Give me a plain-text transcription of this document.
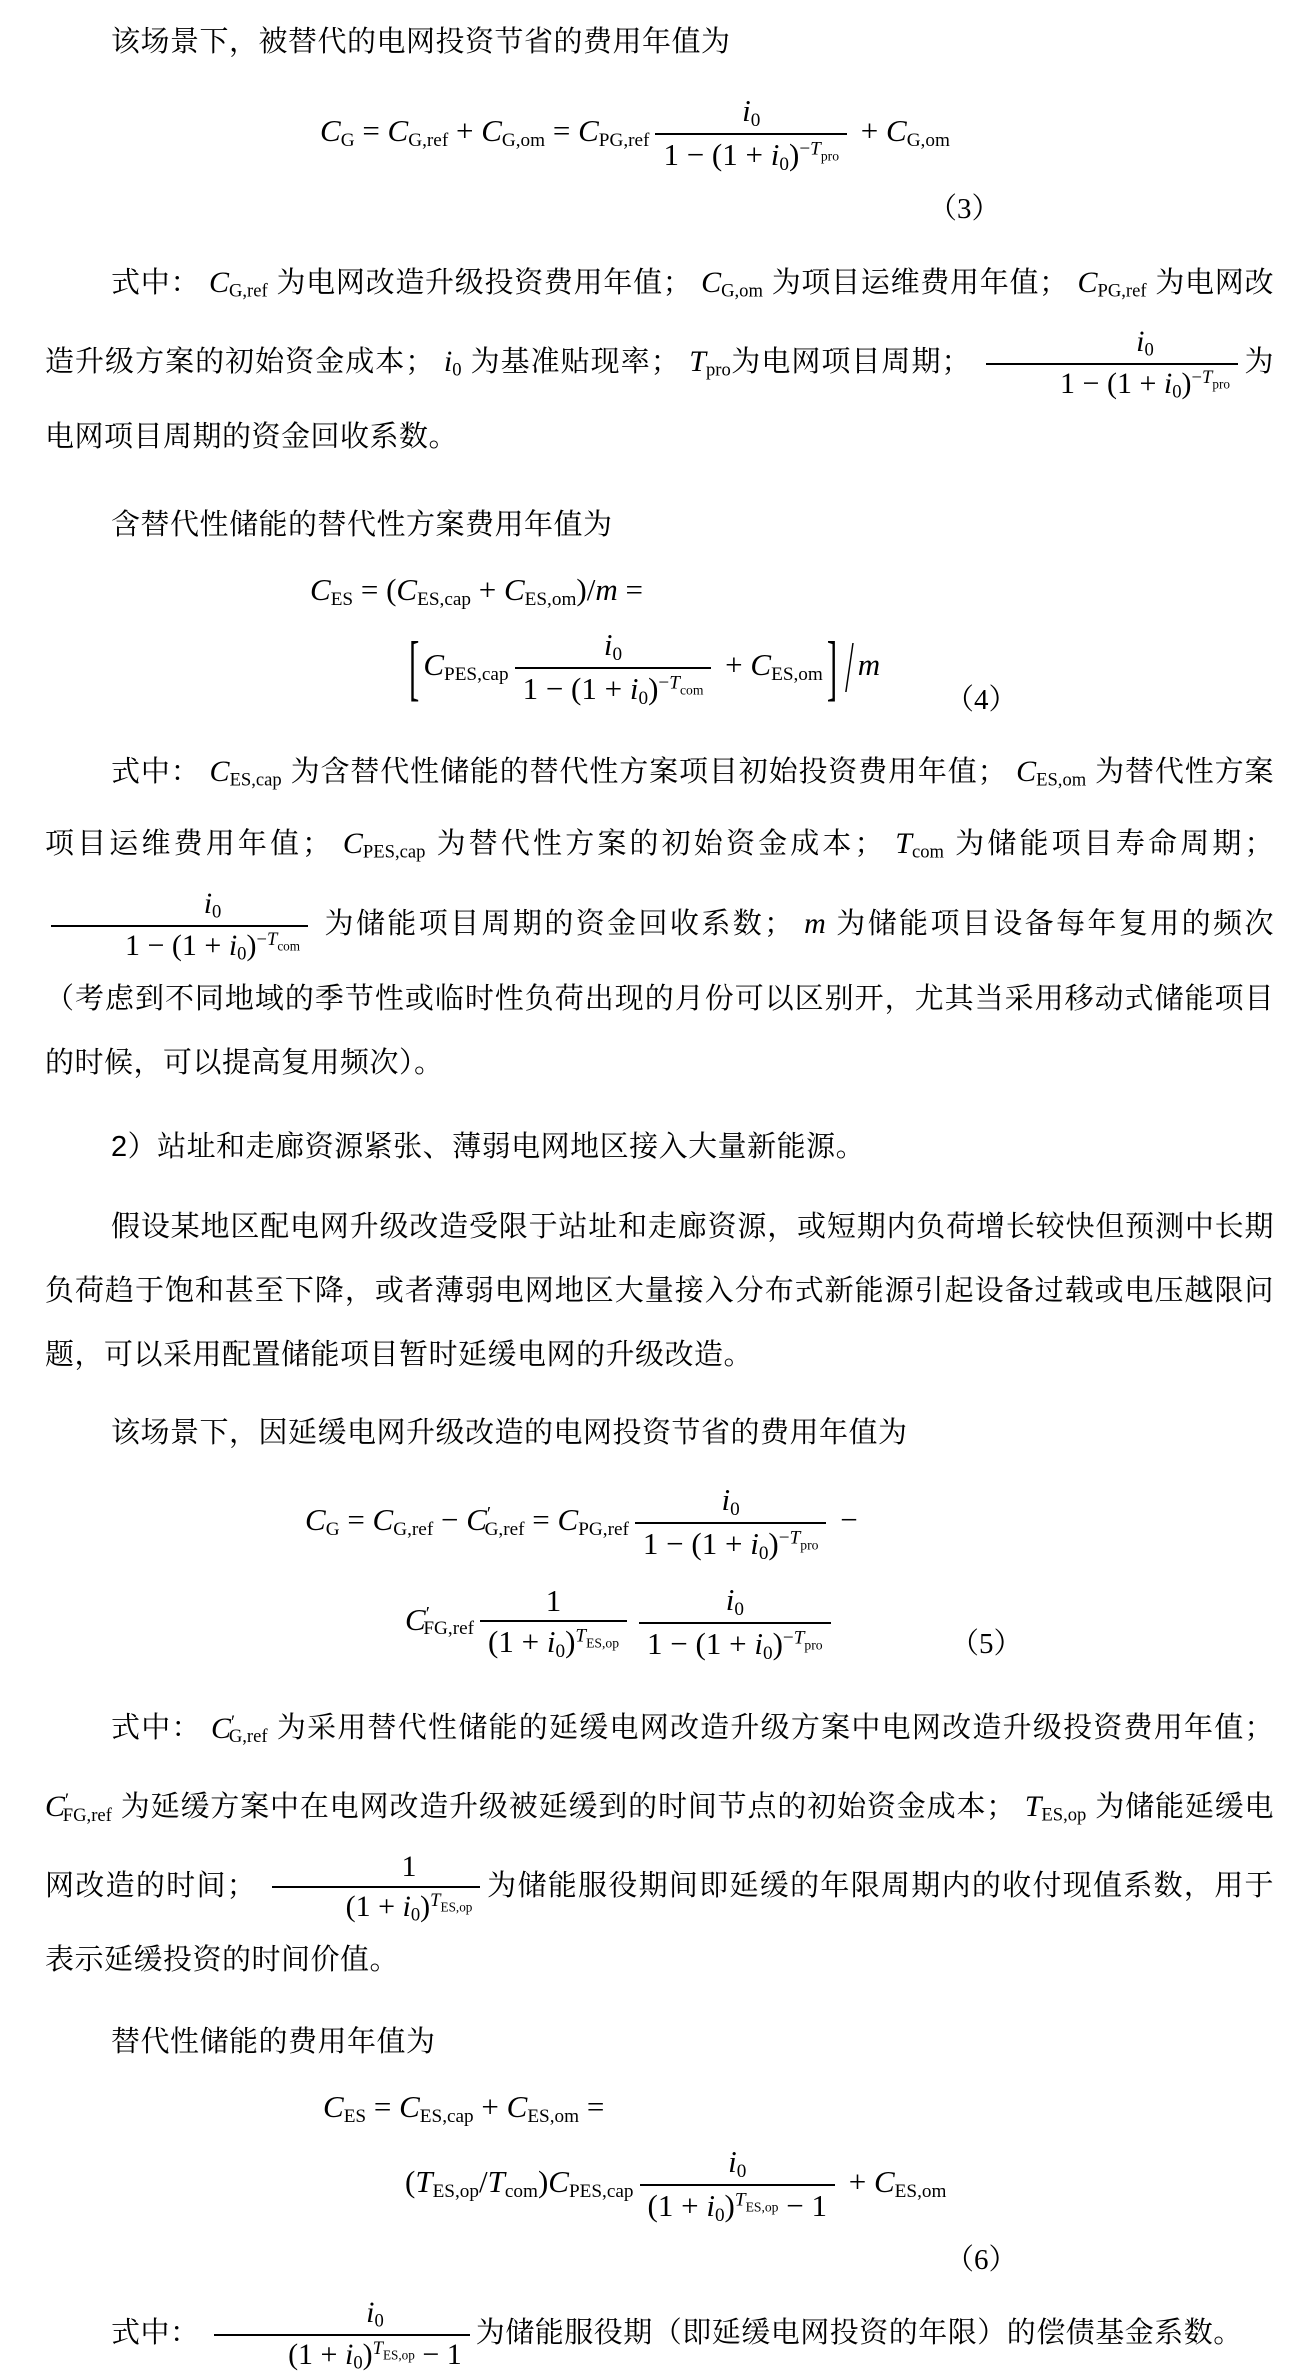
该场景下，被替代的电网投资节省的费用年值为

CG = $CG,ref + CG,om = CPG,ref \frac{i0}{1 - (1 + i0)^{-T}pro} + CG,om$
（3）

式中： CG,ref 为电网改造升级投资费用年值； CG,om 为项目运维费用年值； CPG,ref 为电网改造升级方案的初始资金成本； i0 为基准贴现率； Tpro为电网项目周期； $\frac{i0}{1 - (1 + i0)^{-T}pro}$ 为电网项目周期的资金回收系数。

含替代性储能的替代性方案费用年值为

CES = (CES,cap + CES,om)/m =
[ CPES,cap $\frac{i0}{1 - (1 + i0)^{-T}com} + CES,om$ ] / m
（4）

式中： CES,cap 为含替代性储能的替代性方案项目初始投资费用年值； CES,om 为替代性方案项目运维费用年值； CPES,cap 为替代性方案的初始资金成本； Tcom 为储能项目寿命周期；
$\frac{i0}{1 - (1 + i0)^{-T}com}$ 为储能项目周期的资金回收系数； m 为储能项目设备每年复用的频次（考虑到不同地域的季节性或临时性负荷出现的月份可以区别开，尤其当采用移动式储能项目的时候，可以提高复用频次）。

2）站址和走廊资源紧张、薄弱电网地区接入大量新能源。

假设某地区配电网升级改造受限于站址和走廊资源，或短期内负荷增长较快但预测中长期负荷趋于饱和甚至下降，或者薄弱电网地区大量接入分布式新能源引起设备过载或电压越限问题，可以采用配置储能项目暂时延缓电网的升级改造。

该场景下，因延缓电网升级改造的电网投资节省的费用年值为

CG = $CG,ref - C'G,ref = CPG,ref \frac{i0}{1 - (1 + i0)^{-T}pro}$ −
$C'FG,ref \frac{1}{(1 + i0)^TES,op} \frac{i0}{1 - (1 + i0)^{-T}pro}$	（5）

式中： C′G,ref 为采用替代性储能的延缓电网改造升级方案中电网改造升级投资费用年值； C′FG,ref 为延缓方案中在电网改造升级被延缓到的时间节点的初始资金成本； TES,op 为储能延缓电网改造的时间； $\frac{1}{(1 + i0)^TES,op}$ 为储能服役期间即延缓的年限周期内的收付现值系数，用于表示延缓投资的时间价值。

替代性储能的费用年值为

CES = CES,cap + CES,om =
(TES,op/Tcom)CPES,cap $\frac{i0}{(1 + i0)^TES,op - 1} + CES,om$
（6）

式中： $\frac{i0}{(1 + i0)^TES,op - 1}$ 为储能服役期（即延缓电网投资的年限）的偿债基金系数。
